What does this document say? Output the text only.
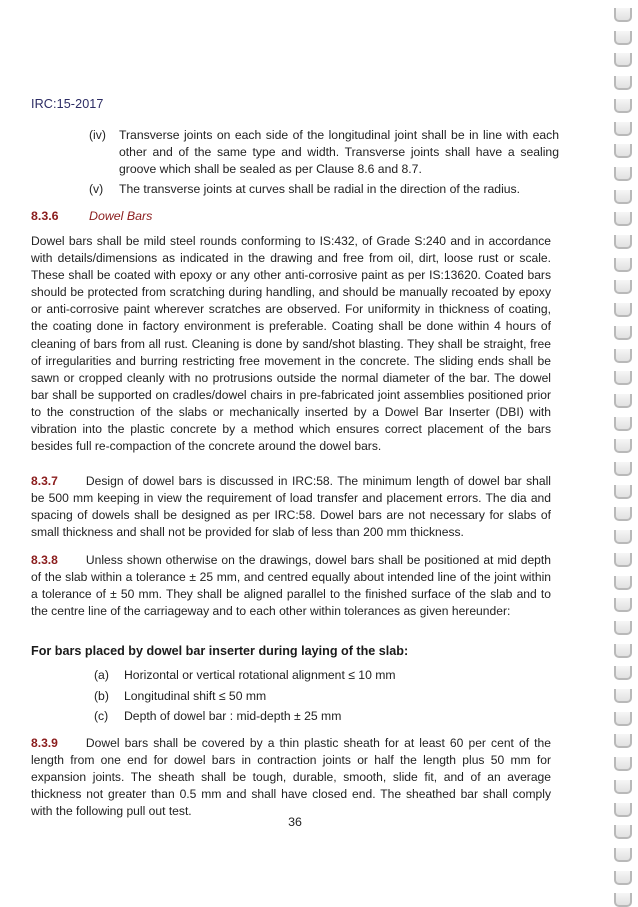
IRC:15-2017
(iv)	Transverse joints on each side of the longitudinal joint shall be in line with each other and of the same type and width. Transverse joints shall have a sealing groove which shall be sealed as per Clause 8.6 and 8.7.
(v)	The transverse joints at curves shall be radial in the direction of the radius.
8.3.6 Dowel Bars
Dowel bars shall be mild steel rounds conforming to IS:432, of Grade S:240 and in accordance with details/dimensions as indicated in the drawing and free from oil, dirt, loose rust or scale. These shall be coated with epoxy or any other anti-corrosive paint as per IS:13620. Coated bars should be protected from scratching during handling, and should be manually recoated by epoxy or anti-corrosive paint wherever scratches are observed. For uniformity in thickness of coating, the coating done in factory environment is preferable. Coating shall be done within 4 hours of cleaning of bars from all rust. Cleaning is done by sand/shot blasting. They shall be straight, free of irregularities and burring restricting free movement in the concrete. The sliding ends shall be sawn or cropped cleanly with no protrusions outside the normal diameter of the bar. The dowel bar shall be supported on cradles/dowel chairs in pre-fabricated joint assemblies positioned prior to the construction of the slabs or mechanically inserted by a Dowel Bar Inserter (DBI) with vibration into the plastic concrete by a method which ensures correct placement of the bars besides full re-compaction of the concrete around the dowel bars.
8.3.7 Design of dowel bars is discussed in IRC:58. The minimum length of dowel bar shall be 500 mm keeping in view the requirement of load transfer and placement errors. The dia and spacing of dowels shall be designed as per IRC:58. Dowel bars are not necessary for slabs of small thickness and shall not be provided for slab of less than 200 mm thickness.
8.3.8 Unless shown otherwise on the drawings, dowel bars shall be positioned at mid depth of the slab within a tolerance ± 25 mm, and centred equally about intended line of the joint within a tolerance of ± 50 mm. They shall be aligned parallel to the finished surface of the slab and to the centre line of the carriageway and to each other within tolerances as given hereunder:
For bars placed by dowel bar inserter during laying of the slab:
(a) Horizontal or vertical rotational alignment ≤ 10 mm
(b) Longitudinal shift ≤ 50 mm
(c) Depth of dowel bar : mid-depth ± 25 mm
8.3.9 Dowel bars shall be covered by a thin plastic sheath for at least 60 per cent of the length from one end for dowel bars in contraction joints or half the length plus 50 mm for expansion joints. The sheath shall be tough, durable, smooth, slide fit, and of an average thickness not greater than 0.5 mm and shall have closed end. The sheathed bar shall comply with the following pull out test.
36
